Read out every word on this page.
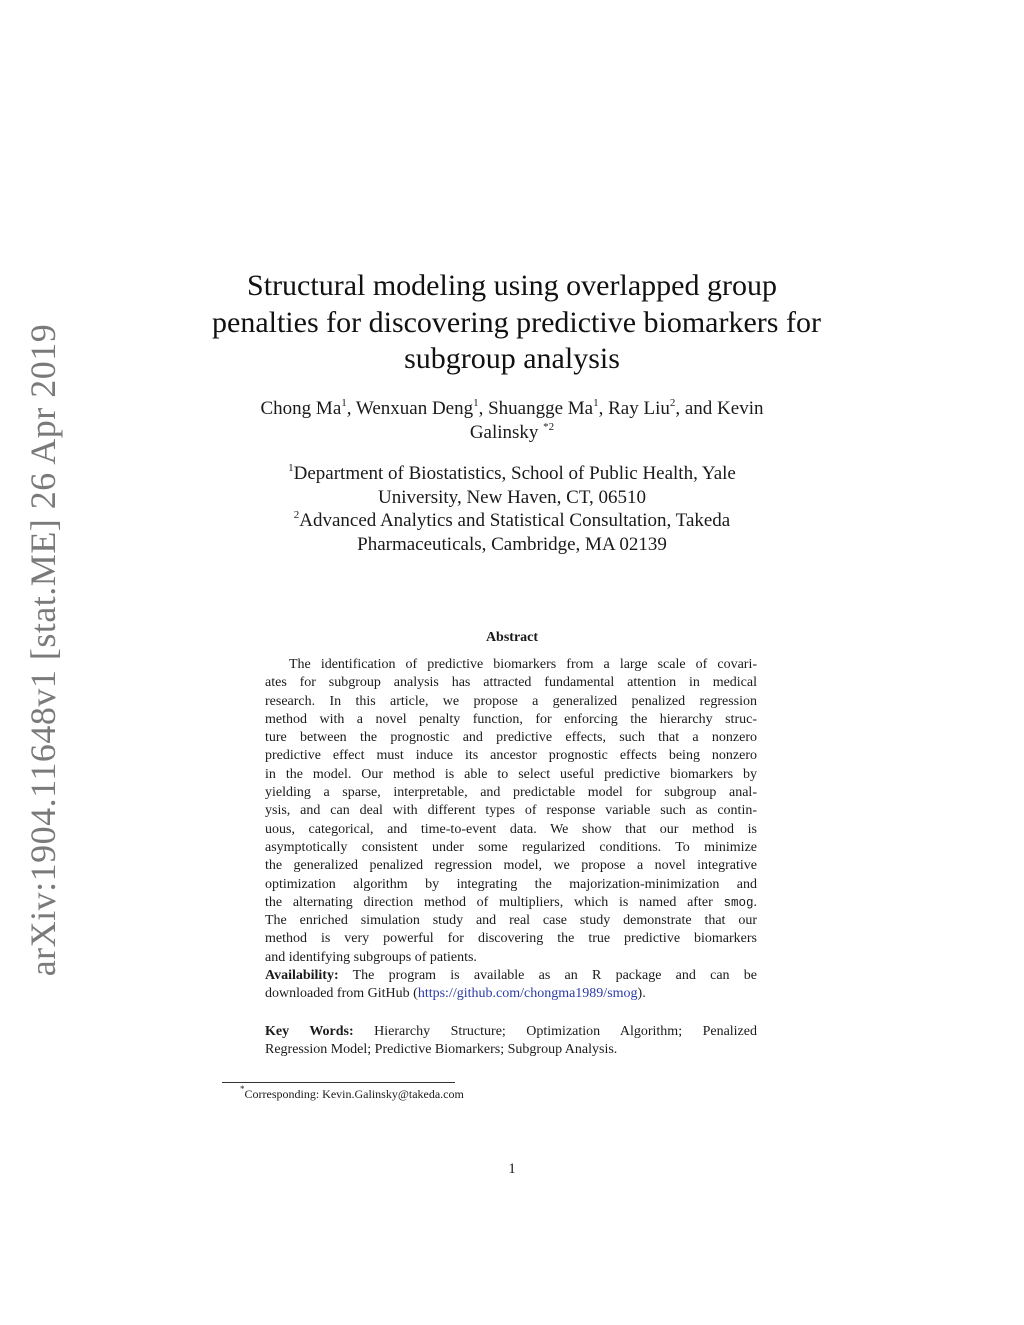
arXiv:1904.11648v1 [stat.ME] 26 Apr 2019
Structural modeling using overlapped group
penalties for discovering predictive biomarkers for
subgroup analysis
Chong Ma$^1$, Wenxuan Deng$^1$, Shuangge Ma$^1$, Ray Liu$^2$, and Kevin
Galinsky $^{*2}$
$^1$Department of Biostatistics, School of Public Health, Yale
University, New Haven, CT, 06510
$^2$Advanced Analytics and Statistical Consultation, Takeda
Pharmaceuticals, Cambridge, MA 02139
Abstract
The identification of predictive biomarkers from a large scale of covari-
ates for subgroup analysis has attracted fundamental attention in medical
research. In this article, we propose a generalized penalized regression
method with a novel penalty function, for enforcing the hierarchy struc-
ture between the prognostic and predictive effects, such that a nonzero
predictive effect must induce its ancestor prognostic effects being nonzero
in the model. Our method is able to select useful predictive biomarkers by
yielding a sparse, interpretable, and predictable model for subgroup anal-
ysis, and can deal with different types of response variable such as contin-
uous, categorical, and time-to-event data. We show that our method is
asymptotically consistent under some regularized conditions. To minimize
the generalized penalized regression model, we propose a novel integrative
optimization algorithm by integrating the majorization-minimization and
the alternating direction method of multipliers, which is named after smog.
The enriched simulation study and real case study demonstrate that our
method is very powerful for discovering the true predictive biomarkers
and identifying subgroups of patients.
Availability: The program is available as an R package and can be
downloaded from GitHub (https://github.com/chongma1989/smog).
Key Words: Hierarchy Structure; Optimization Algorithm; Penalized
Regression Model; Predictive Biomarkers; Subgroup Analysis.
*Corresponding: Kevin.Galinsky@takeda.com
1
